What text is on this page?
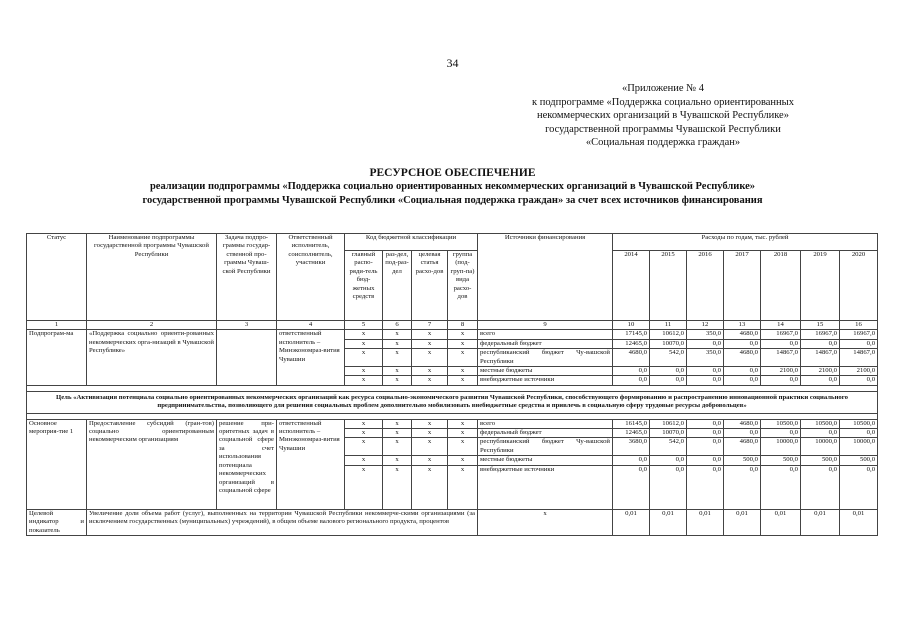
34
«Приложение № 4
к подпрограмме «Поддержка социально ориентированных
некоммерческих организаций в Чувашской Республике»
государственной программы Чувашской Республики
«Социальная поддержка граждан»
РЕСУРСНОЕ ОБЕСПЕЧЕНИЕ
реализации подпрограммы «Поддержка социально ориентированных некоммерческих организаций в Чувашской Республике»
государственной программы Чувашской Республики «Социальная поддержка граждан» за счет всех источников финансирования
Статус	Наименование подпрограммы государственной программы Чувашской Республики	Задача подпро-граммы государ-ственной про-граммы Чуваш-ской Республики	Ответственный исполнитель, соисполнитель, участники	Код бюджетной классификации				Источники финансирования	Расходы по годам, тыс. рублей						
				главный распо-ряди-тель бюд-жетных средств	раз-дел, под-раз-дел	целевая статья расхо-дов	группа (под-груп-па) вида расхо-дов		2014	2015	2016	2017	2018	2019	2020
1	2	3	4	5	6	7	8	9	10	11	12	13	14	15	16
Подпрограм-ма	«Поддержка социально ориенти-рованных некоммерческих орга-низаций в Чувашской Республике»		ответственный исполнитель – Минэкономраз-вития Чувашии	x	x	x	x	всего	17145,0	10612,0	350,0	4680,0	16967,0	16967,0	16967,0
				x	x	x	x	федеральный бюджет	12465,0	10070,0	0,0	0,0	0,0	0,0	0,0
				x	x	x	x	республиканский бюджет Чу-вашской Республики	4680,0	542,0	350,0	4680,0	14867,0	14867,0	14867,0
				x	x	x	x	местные бюджеты	0,0	0,0	0,0	0,0	2100,0	2100,0	2100,0
				x	x	x	x	внебюджетные источники	0,0	0,0	0,0	0,0	0,0	0,0	0,0

Цель «Активизация потенциала социально ориентированных некоммерческих организаций как ресурса социально-экономического развития Чувашской Республики, способствующего формированию и распространению инновационной практики социального предпринимательства, позволяющего для решения социальных проблем дополнительно мобилизовать внебюджетные средства и привлечь в социальную сферу трудовые ресурсы добровольцев»															

Основное мероприя-тие 1	Предоставление субсидий (гран-тов) социально ориентированным некоммерческим организациям	решение при-оритетных задач в социальной сфере за счет использования потенциала некоммерческих организаций в социальной сфере	ответственный исполнитель – Минэкономраз-вития Чувашии	x	x	x	x	всего	16145,0	10612,0	0,0	4680,0	10500,0	10500,0	10500,0
				x	x	x	x	федеральный бюджет	12465,0	10070,0	0,0	0,0	0,0	0,0	0,0
				x	x	x	x	республиканский бюджет Чу-вашской Республики	3680,0	542,0	0,0	4680,0	10000,0	10000,0	10000,0
				x	x	x	x	местные бюджеты	0,0	0,0	0,0	500,0	500,0	500,0	500,0
				x	x	x	x	внебюджетные источники	0,0	0,0	0,0	0,0	0,0	0,0	0,0
Целевой индикатор и показатель	Увеличение доли объема работ (услуг), выполненных на территории Чувашской Республики некоммерче-скими организациями (за исключением государственных (муниципальных) учреждений), в общем объеме валового регионального продукта, процентов							x	0,01	0,01	0,01	0,01	0,01	0,01	0,01
